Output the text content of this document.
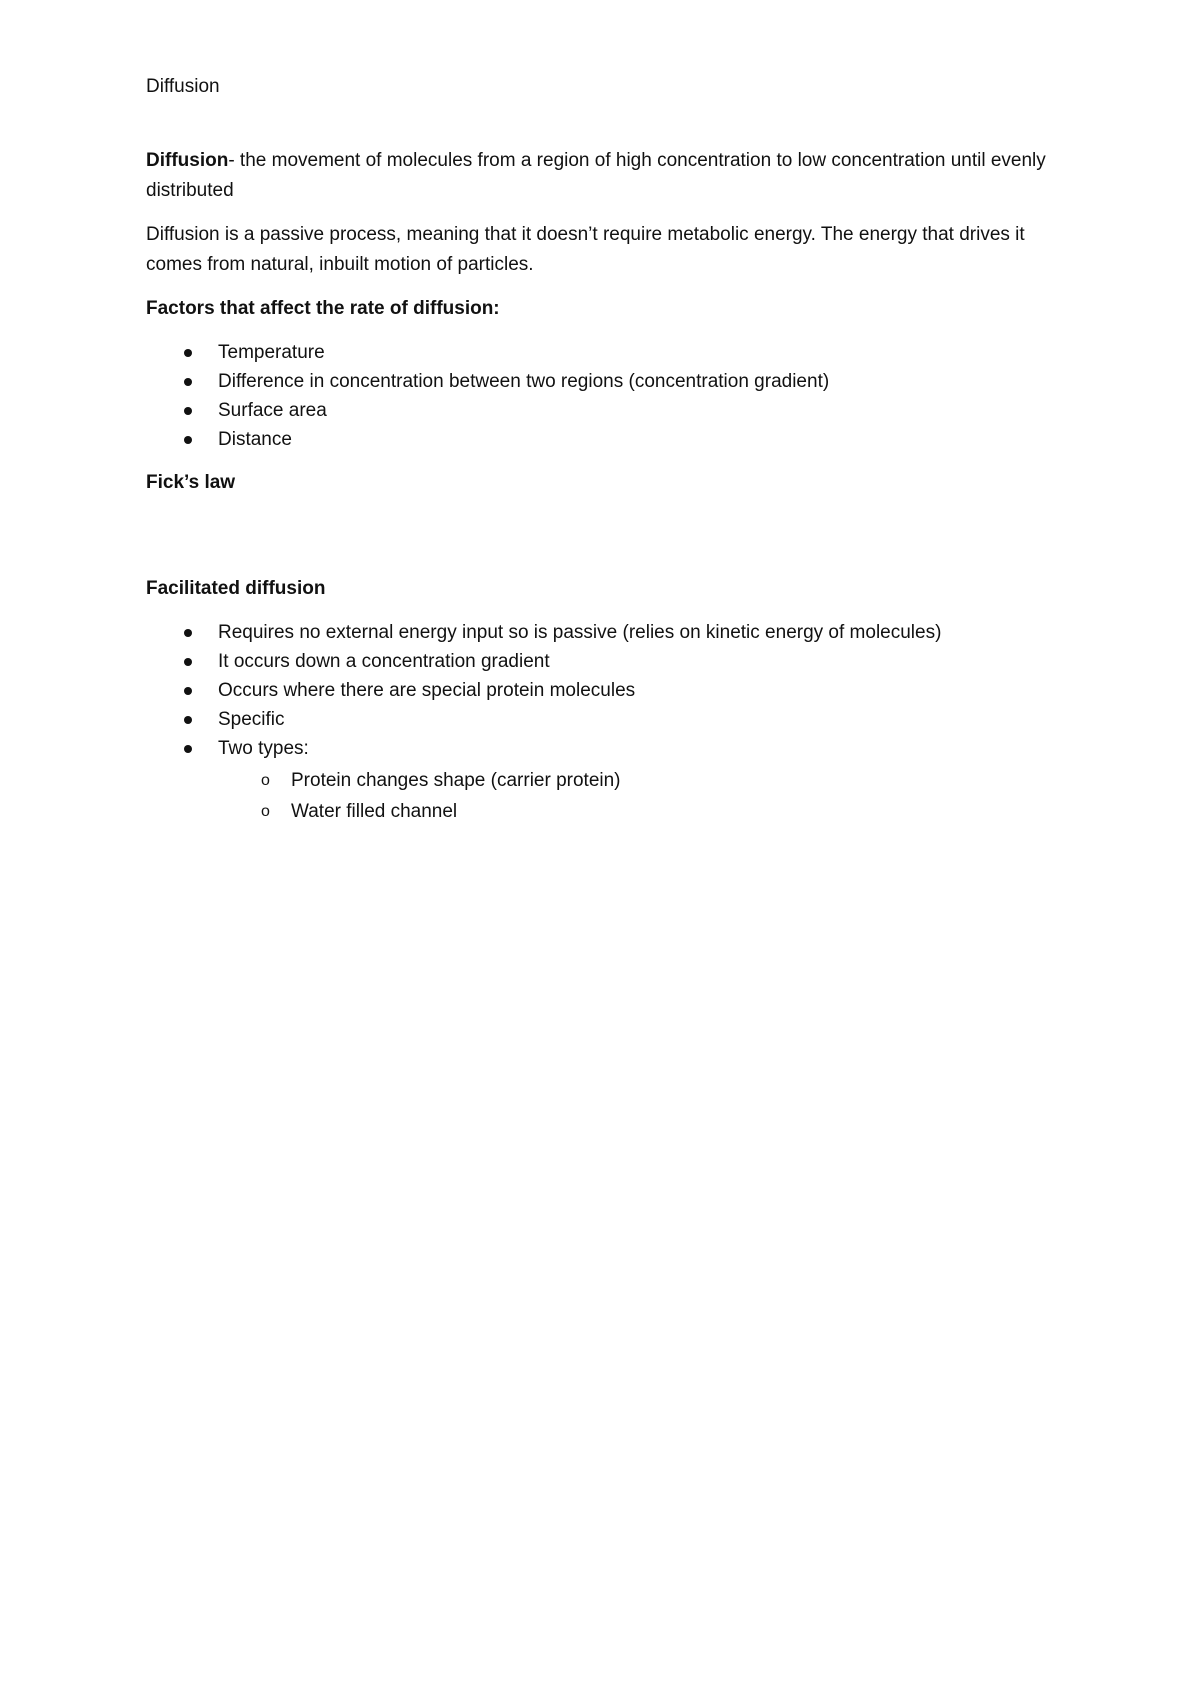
Diffusion

Diffusion- the movement of molecules from a region of high concentration to low concentration until evenly distributed

Diffusion is a passive process, meaning that it doesn’t require metabolic energy. The energy that drives it comes from natural, inbuilt motion of particles.

Factors that affect the rate of diffusion:

Temperature
Difference in concentration between two regions (concentration gradient)
Surface area
Distance

Fick’s law

Facilitated diffusion

Requires no external energy input so is passive (relies on kinetic energy of molecules)
It occurs down a concentration gradient
Occurs where there are special protein molecules
Specific
Two types:
o Protein changes shape (carrier protein)
o Water filled channel
